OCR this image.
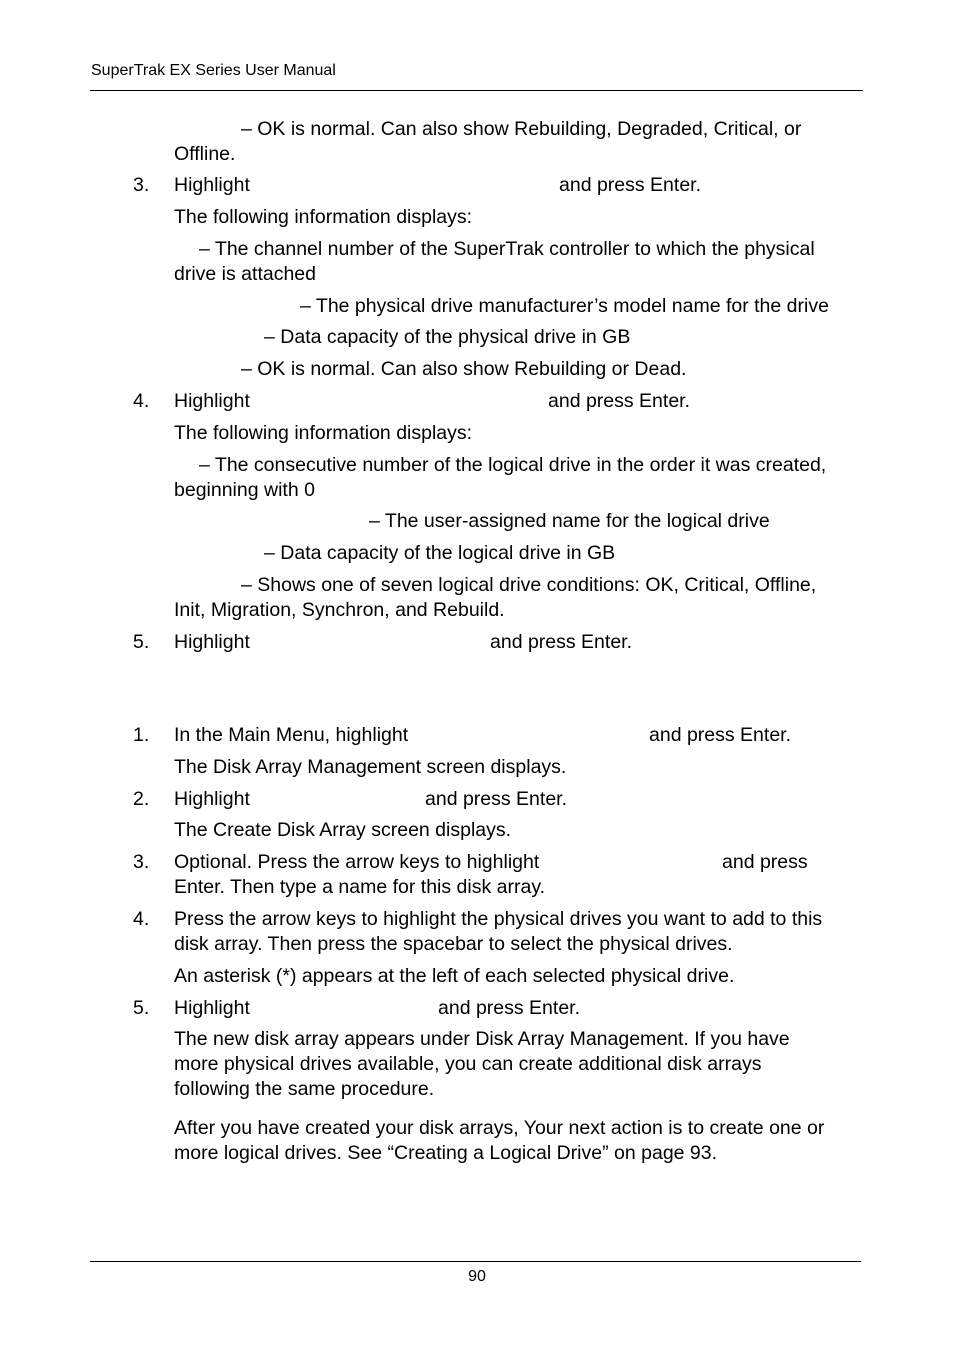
SuperTrak EX Series User Manual
– OK is normal. Can also show Rebuilding, Degraded, Critical, or
Offline.
3. Highlight	and press Enter.
The following information displays:
– The channel number of the SuperTrak controller to which the physical
drive is attached
– The physical drive manufacturer’s model name for the drive
– Data capacity of the physical drive in GB
– OK is normal. Can also show Rebuilding or Dead.
4. Highlight	and press Enter.
The following information displays:
– The consecutive number of the logical drive in the order it was created,
beginning with 0
– The user-assigned name for the logical drive
– Data capacity of the logical drive in GB
– Shows one of seven logical drive conditions: OK, Critical, Offline,
Init, Migration, Synchron, and Rebuild.
5. Highlight	and press Enter.
1. In the Main Menu, highlight	and press Enter.
The Disk Array Management screen displays.
2. Highlight	and press Enter.
The Create Disk Array screen displays.
3. Optional. Press the arrow keys to highlight	and press
Enter. Then type a name for this disk array.
4. Press the arrow keys to highlight the physical drives you want to add to this
disk array. Then press the spacebar to select the physical drives.
An asterisk (*) appears at the left of each selected physical drive.
5. Highlight	and press Enter.
The new disk array appears under Disk Array Management. If you have
more physical drives available, you can create additional disk arrays
following the same procedure.
After you have created your disk arrays, Your next action is to create one or
more logical drives. See “Creating a Logical Drive” on page 93.
90
